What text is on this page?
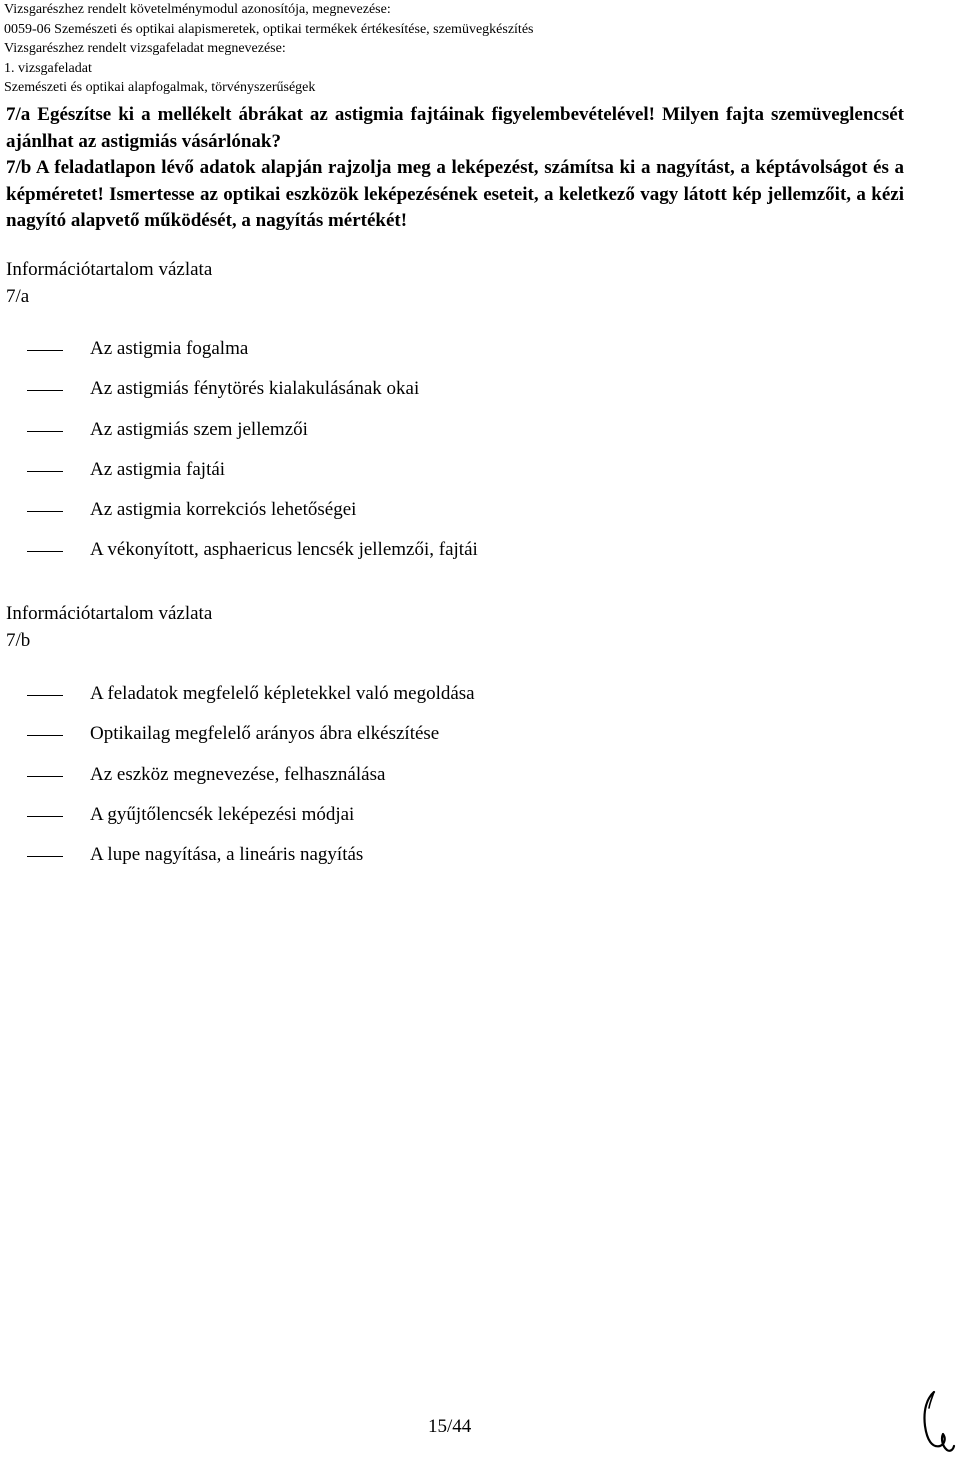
Vizsgarészhez rendelt követelménymodul azonosítója, megnevezése:
0059-06 Szemészeti és optikai alapismeretek, optikai termékek értékesítése, szemüvegkészítés
Vizsgarészhez rendelt vizsgafeladat megnevezése:
1. vizsgafeladat
Szemészeti és optikai alapfogalmak, törvényszerűségek

7/a Egészítse ki a mellékelt ábrákat az astigmia fajtáinak figyelembevételével! Milyen fajta szemüveglencsét ajánlhat az astigmiás vásárlónak?

7/b A feladatlapon lévő adatok alapján rajzolja meg a leképezést, számítsa ki a nagyítást, a képtávolságot és a képméretet! Ismertesse az optikai eszközök leképezésének eseteit, a keletkező vagy látott kép jellemzőit, a kézi nagyító alapvető működését, a nagyítás mértékét!

Információtartalom vázlata
7/a
Az astigmia fogalma
Az astigmiás fénytörés kialakulásának okai
Az astigmiás szem jellemzői
Az astigmia fajtái
Az astigmia korrekciós lehetőségei
A vékonyított, asphaericus lencsék jellemzői, fajtái
Információtartalom vázlata
7/b
A feladatok megfelelő képletekkel való megoldása
Optikailag megfelelő arányos ábra elkészítése
Az eszköz megnevezése, felhasználása
A gyűjtőlencsék leképezési módjai
A lupe nagyítása, a lineáris nagyítás
15/44
